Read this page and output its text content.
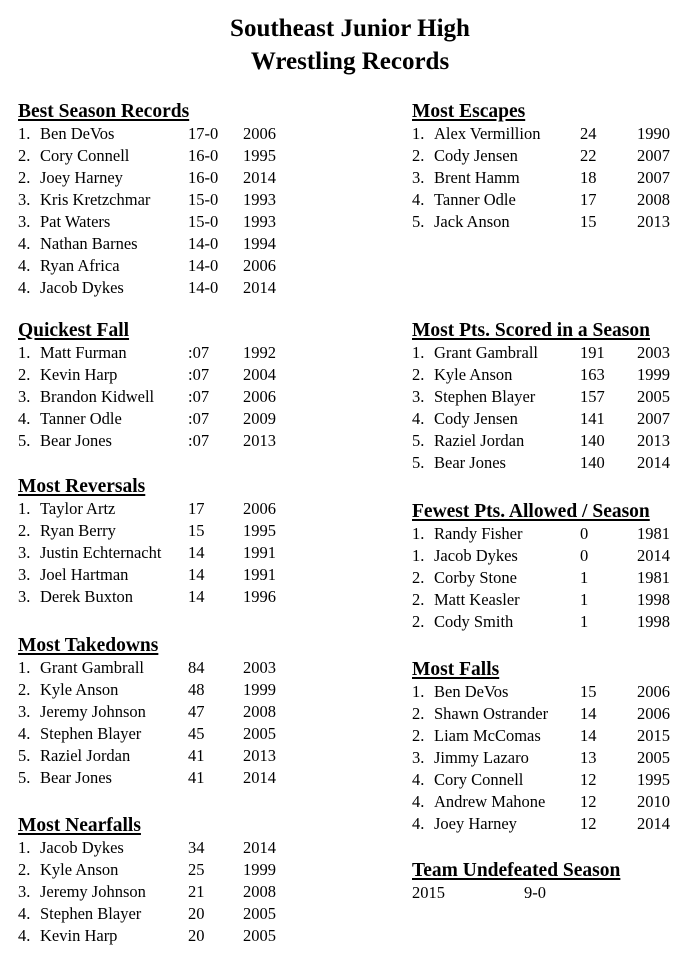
Southeast Junior High
Wrestling Records
Best Season Records
1. Ben DeVos	17-0 2006
2. Cory Connell	16-0 1995
2. Joey Harney	16-0 2014
3. Kris Kretzchmar 15-0 1993
3. Pat Waters	15-0 1993
4. Nathan Barnes	14-0 1994
4. Ryan Africa	14-0 2006
4. Jacob Dykes	14-0 2014
Quickest Fall
1. Matt Furman	:07 1992
2. Kevin Harp	:07 2004
3. Brandon Kidwell :07 2006
4. Tanner Odle	:07 2009
5. Bear Jones	:07 2013
Most Reversals
1. Taylor Artz	17 2006
2. Ryan Berry	15 1995
3. Justin Echternacht 14 1991
3. Joel Hartman	14 1991
3. Derek Buxton	14 1996
Most Takedowns
1. Grant Gambrall	84 2003
2. Kyle Anson	48 1999
3. Jeremy Johnson	47 2008
4. Stephen Blayer	45 2005
5. Raziel Jordan	41 2013
5. Bear Jones	41 2014
Most Nearfalls
1. Jacob Dykes	34 2014
2. Kyle Anson	25 1999
3. Jeremy Johnson	21 2008
4. Stephen Blayer	20 2005
4. Kevin Harp	20 2005
Most Escapes
1. Alex Vermillion 24 1990
2. Cody Jensen	22 2007
3. Brent Hamm	18 2007
4. Tanner Odle	17 2008
5. Jack Anson	15 2013
Most Pts. Scored in a Season
1. Grant Gambrall	191 2003
2. Kyle Anson	163 1999
3. Stephen Blayer	157 2005
4. Cody Jensen	141 2007
5. Raziel Jordan	140 2013
5. Bear Jones	140 2014
Fewest Pts. Allowed / Season
1. Randy Fisher	0	1981
1. Jacob Dykes	0	2014
2. Corby Stone	1	1981
2. Matt Keasler	1	1998
2. Cody Smith	1	1998
Most Falls
1. Ben DeVos	15 2006
2. Shawn Ostrander 14 2006
2. Liam McComas 14 2015
3. Jimmy Lazaro	13 2005
4. Cory Connell	12 1995
4. Andrew Mahone 12 2010
4. Joey Harney	12 2014
Team Undefeated Season
2015	9-0
